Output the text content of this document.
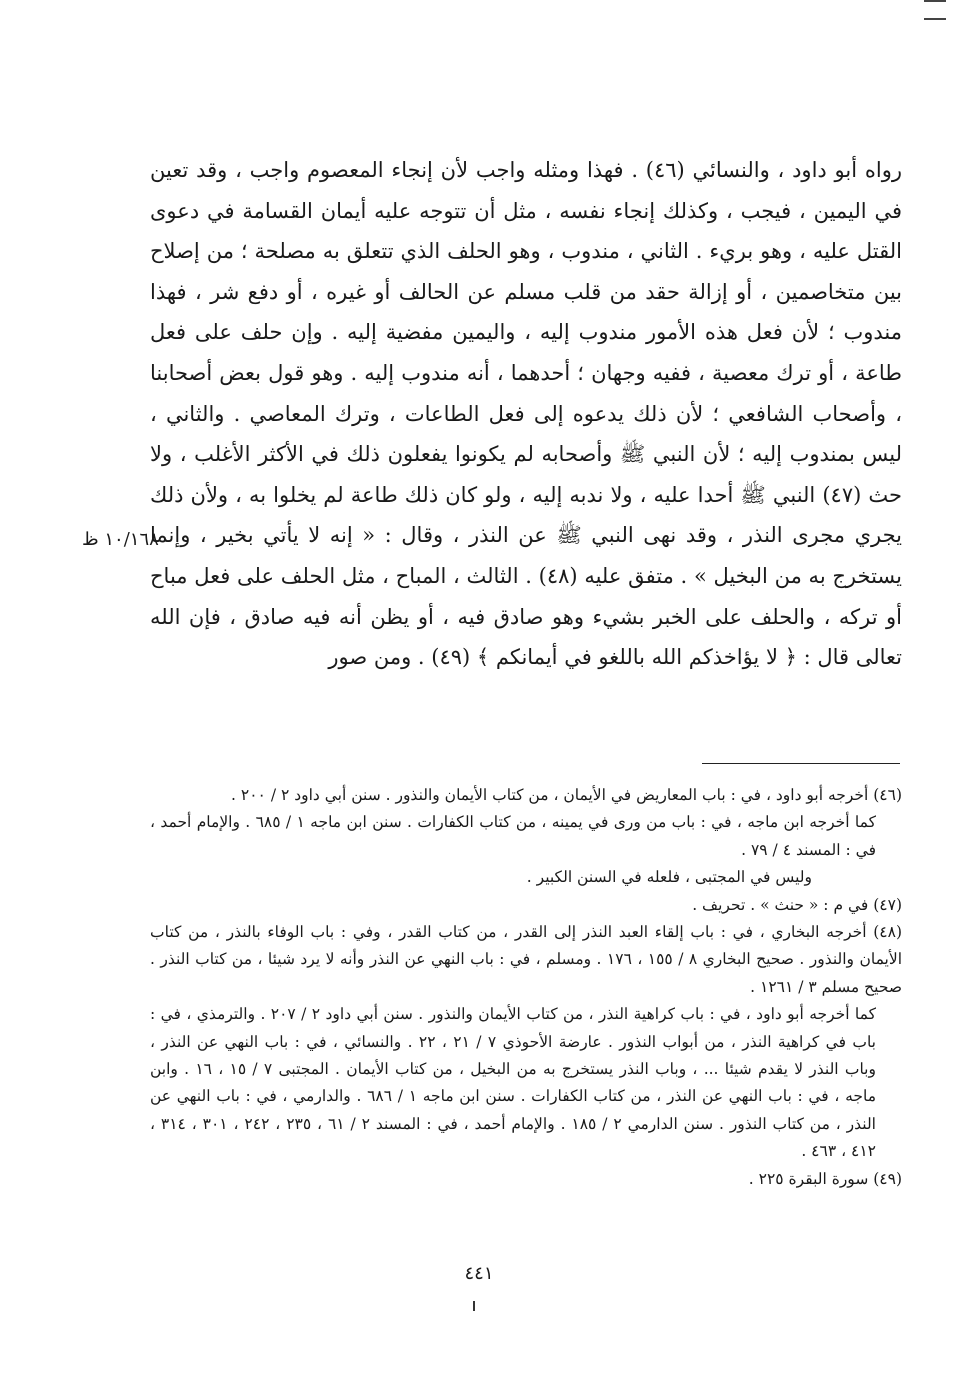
رواه أبو داود ، والنسائي (٤٦) . فهذا ومثله واجب لأن إنجاء المعصوم واجب ، وقد تعين في اليمين ، فيجب ، وكذلك إنجاء نفسه ، مثل أن تتوجه عليه أيمان القسامة في دعوى القتل عليه ، وهو بريء . الثاني ، مندوب ، وهو الحلف الذي تتعلق به مصلحة ؛ من إصلاح بين متخاصمين ، أو إزالة حقد من قلب مسلم عن الحالف أو غيره ، أو دفع شر ، فهذا مندوب ؛ لأن فعل هذه الأمور مندوب إليه ، واليمين مفضية إليه . وإن حلف على فعل طاعة ، أو ترك معصية ، ففيه وجهان ؛ أحدهما ، أنه مندوب إليه . وهو قول بعض أصحابنا ، وأصحاب الشافعي ؛ لأن ذلك يدعوه إلى فعل الطاعات ، وترك المعاصي . والثاني ، ليس بمندوب إليه ؛ لأن النبي ﷺ وأصحابه لم يكونوا يفعلون ذلك في الأكثر الأغلب ، ولا حث (٤٧) النبي ﷺ أحدا عليه ، ولا ندبه إليه ، ولو كان ذلك طاعة لم يخلوا به ، ولأن ذلك يجري مجرى النذر ، وقد نهى النبي ﷺ عن النذر ، وقال : « إنه لا يأتي بخير ، وإنما يستخرج به من البخيل » . متفق عليه (٤٨) . الثالث ، المباح ، مثل الحلف على فعل مباح أو تركه ، والحلف على الخبر بشيء وهو صادق فيه ، أو يظن أنه فيه صادق ، فإن الله تعالى قال : ﴿ لا يؤاخذكم الله باللغو في أيمانكم ﴾ (٤٩) . ومن صور

١٠/١٦٨ ظ

(٤٦) أخرجه أبو داود ، في : باب المعاريض في الأيمان ، من كتاب الأيمان والنذور . سنن أبي داود ٢ / ٢٠٠ .

كما أخرجه ابن ماجه ، في : باب من ورى في يمينه ، من كتاب الكفارات . سنن ابن ماجه ١ / ٦٨٥ . والإمام أحمد ، في : المسند ٤ / ٧٩ .

وليس في المجتبى ، فلعله في السنن الكبير .

(٤٧) في م : « حنث » . تحريف .

(٤٨) أخرجه البخاري ، في : باب إلقاء العبد النذر إلى القدر ، من كتاب القدر ، وفي : باب الوفاء بالنذر ، من كتاب الأيمان والنذور . صحيح البخاري ٨ / ١٥٥ ، ١٧٦ . ومسلم ، في : باب النهي عن النذر وأنه لا يرد شيئا ، من كتاب النذر . صحيح مسلم ٣ / ١٢٦١ .

كما أخرجه أبو داود ، في : باب كراهية النذر ، من كتاب الأيمان والنذور . سنن أبي داود ٢ / ٢٠٧ . والترمذي ، في : باب في كراهية النذر ، من أبواب النذور . عارضة الأحوذي ٧ / ٢١ ، ٢٢ . والنسائي ، في : باب النهي عن النذر ، وباب النذر لا يقدم شيئا ... ، وباب النذر يستخرج به من البخيل ، من كتاب الأيمان . المجتبى ٧ / ١٥ ، ١٦ . وابن ماجه ، في : باب النهي عن النذر ، من كتاب الكفارات . سنن ابن ماجه ١ / ٦٨٦ . والدارمي ، في : باب النهي عن النذر ، من كتاب النذور . سنن الدارمي ٢ / ١٨٥ . والإمام أحمد ، في : المسند ٢ / ٦١ ، ٢٣٥ ، ٢٤٢ ، ٣٠١ ، ٣١٤ ، ٤١٢ ، ٤٦٣ .

(٤٩) سورة البقرة ٢٢٥ .

٤٤١
